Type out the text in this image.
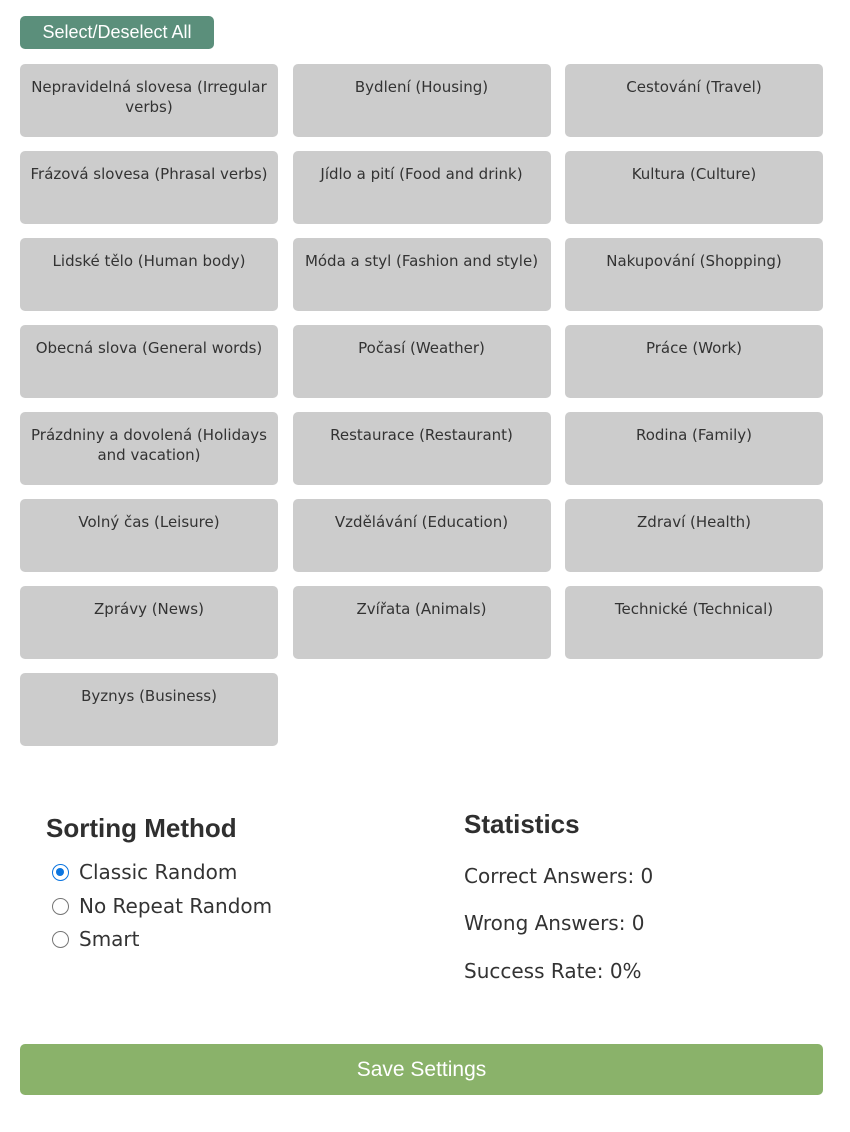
Select/Deselect All
Nepravidelná slovesa (Irregular verbs)
Bydlení (Housing)	Cestování (Travel)
Frázová slovesa (Phrasal verbs)	Jídlo a pití (Food and drink)	Kultura (Culture)
Lidské tělo (Human body)	Móda a styl (Fashion and style)	Nakupování (Shopping)
Obecná slova (General words)	Počasí (Weather)	Práce (Work)
Prázdniny a dovolená (Holidays and vacation)
Restaurace (Restaurant)	Rodina (Family)
Volný čas (Leisure)	Vzdělávání (Education)	Zdraví (Health)
Zprávy (News)	Zvířata (Animals)	Technické (Technical)
Byznys (Business)
Sorting Method
Classic Random
No Repeat Random
Smart
Statistics
Correct Answers: 0
Wrong Answers: 0
Success Rate: 0%
Save Settings
